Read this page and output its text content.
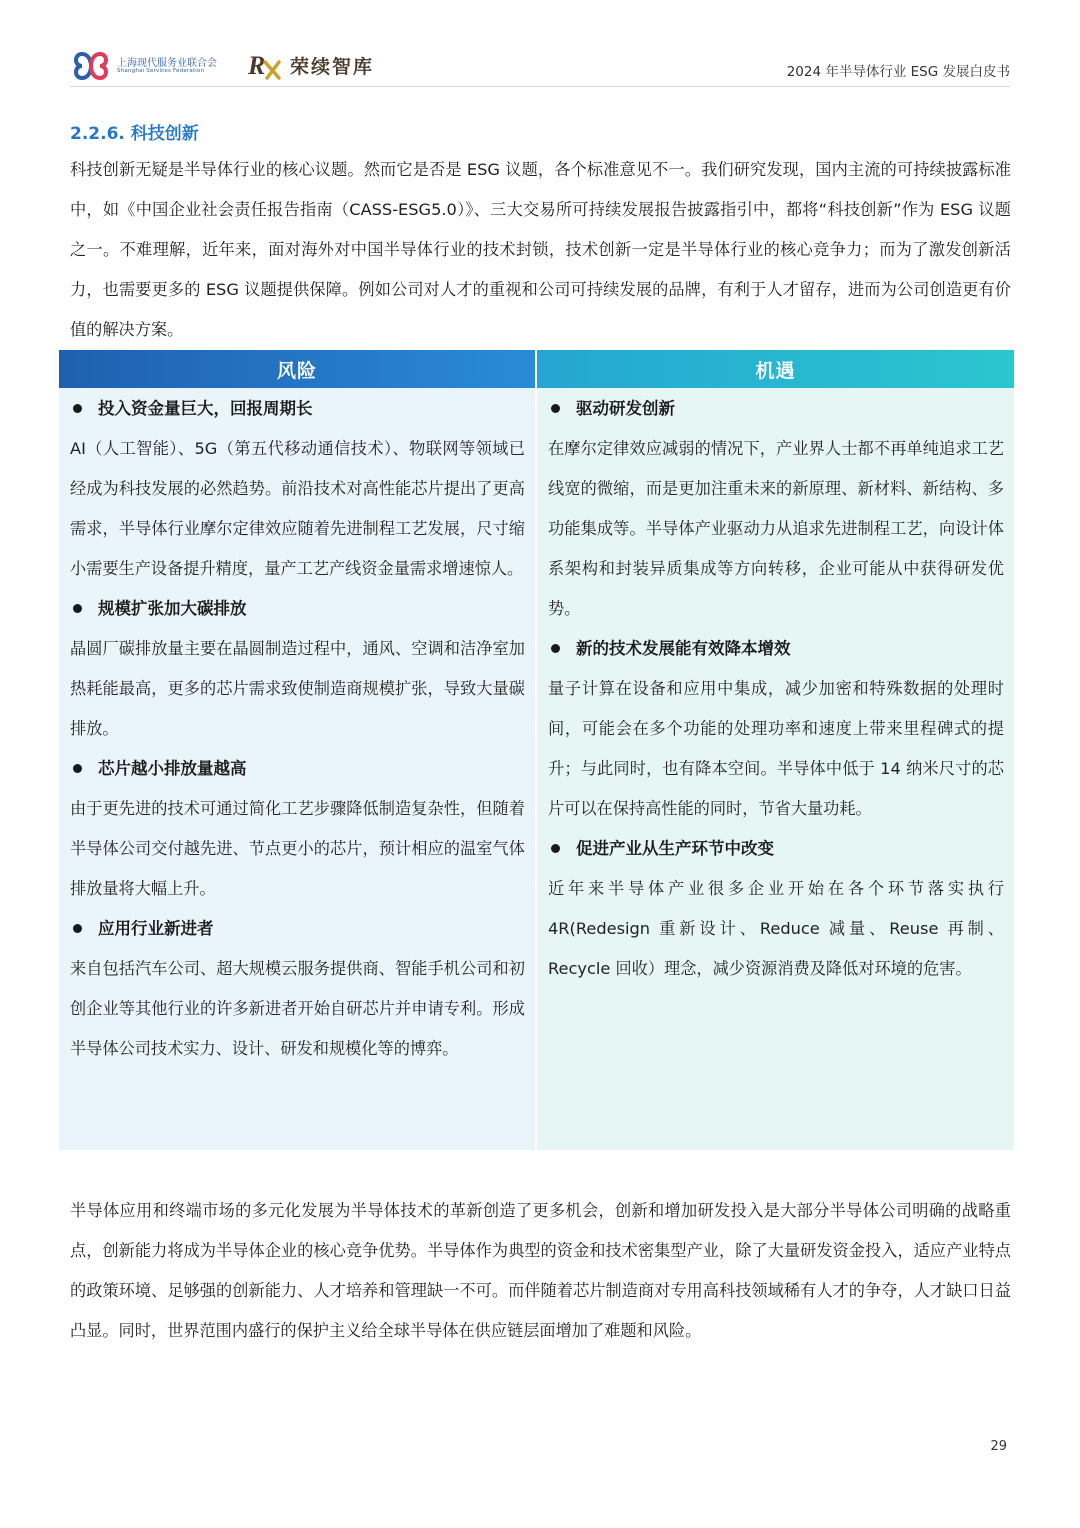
上海现代服务业联合会
Shanghai Services Federation R 荣续智库	2024 年半导体行业 ESG 发展白皮书
2.2.6. 科技创新
科技创新无疑是半导体行业的核心议题。然而它是否是 ESG 议题，各个标准意见不一。我们研究发现，国内主流的可持续披露标准中，如《中国企业社会责任报告指南（CASS-ESG5.0）》、三大交易所可持续发展报告披露指引中，都将“科技创新”作为 ESG 议题之一。不难理解，近年来，面对海外对中国半导体行业的技术封锁，技术创新一定是半导体行业的核心竞争力；而为了激发创新活力，也需要更多的 ESG 议题提供保障。例如公司对人才的重视和公司可持续发展的品牌，有利于人才留存，进而为公司创造更有价值的解决方案。
风险	机遇
投入资金量巨大，回报周期长
AI（人工智能）、5G（第五代移动通信技术）、物联网等领域已经成为科技发展的必然趋势。前沿技术对高性能芯片提出了更高需求，半导体行业摩尔定律效应随着先进制程工艺发展，尺寸缩小需要生产设备提升精度，量产工艺产线资金量需求增速惊人。
规模扩张加大碳排放
晶圆厂碳排放量主要在晶圆制造过程中，通风、空调和洁净室加热耗能最高，更多的芯片需求致使制造商规模扩张，导致大量碳排放。
芯片越小排放量越高
由于更先进的技术可通过简化工艺步骤降低制造复杂性，但随着半导体公司交付越先进、节点更小的芯片，预计相应的温室气体排放量将大幅上升。
应用行业新进者
来自包括汽车公司、超大规模云服务提供商、智能手机公司和初创企业等其他行业的许多新进者开始自研芯片并申请专利。形成半导体公司技术实力、设计、研发和规模化等的博弈。
驱动研发创新
在摩尔定律效应减弱的情况下，产业界人士都不再单纯追求工艺线宽的微缩，而是更加注重未来的新原理、新材料、新结构、多功能集成等。半导体产业驱动力从追求先进制程工艺，向设计体系架构和封装异质集成等方向转移，企业可能从中获得研发优势。
新的技术发展能有效降本增效
量子计算在设备和应用中集成，减少加密和特殊数据的处理时间，可能会在多个功能的处理功率和速度上带来里程碑式的提升；与此同时，也有降本空间。半导体中低于 14 纳米尺寸的芯片可以在保持高性能的同时，节省大量功耗。
促进产业从生产环节中改变
近年来半导体产业很多企业开始在各个环节落实执行 4R(Redesign 重新设计、Reduce 减量、Reuse 再制、Recycle 回收）理念，减少资源消费及降低对环境的危害。
半导体应用和终端市场的多元化发展为半导体技术的革新创造了更多机会，创新和增加研发投入是大部分半导体公司明确的战略重点，创新能力将成为半导体企业的核心竞争优势。半导体作为典型的资金和技术密集型产业，除了大量研发资金投入，适应产业特点的政策环境、足够强的创新能力、人才培养和管理缺一不可。而伴随着芯片制造商对专用高科技领域稀有人才的争夺，人才缺口日益凸显。同时，世界范围内盛行的保护主义给全球半导体在供应链层面增加了难题和风险。
29
